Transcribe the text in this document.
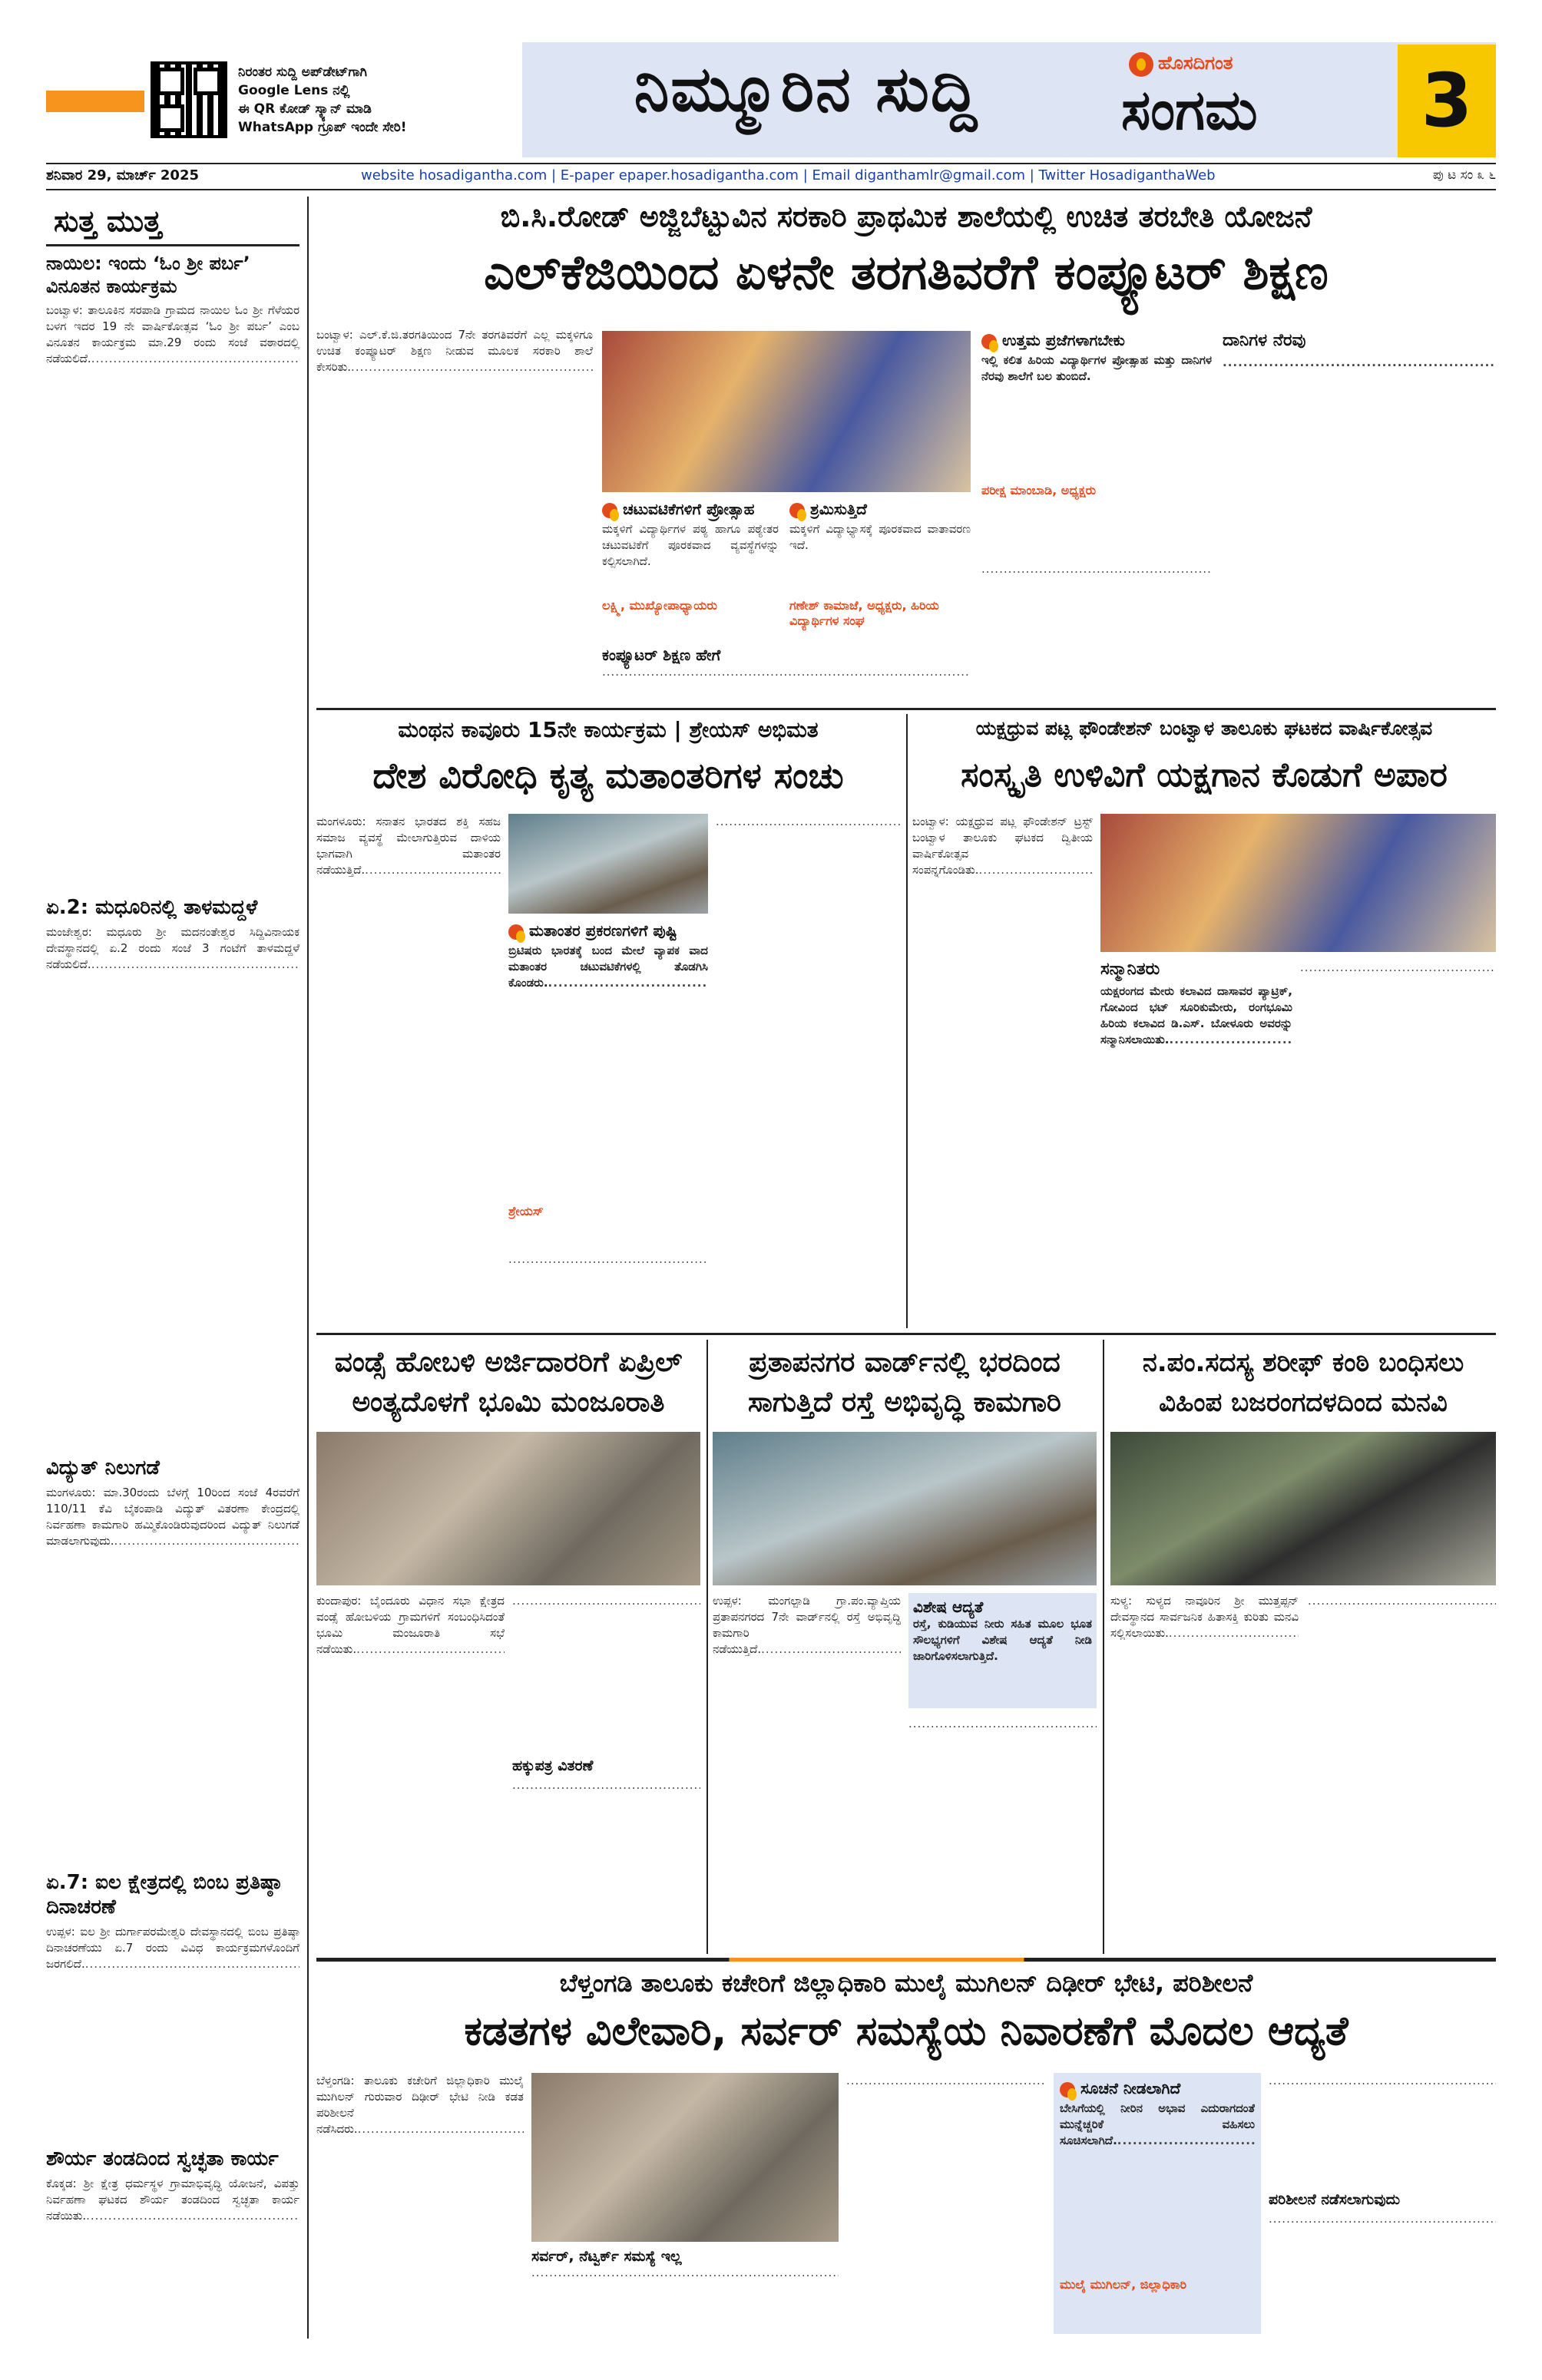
ನಿರಂತರ ಸುದ್ದಿ ಅಪ್‌ಡೇಟ್‌ಗಾಗಿ
Google Lens ನಲ್ಲಿ
ಈ QR ಕೋಡ್ ಸ್ಕ್ಯಾನ್ ಮಾಡಿ
WhatsApp ಗ್ರೂಪ್ ಇಂದೇ ಸೇರಿ!
ನಿಮ್ಮೂರಿನ ಸುದ್ದಿ	ಹೊಸದಿಗಂತ
ಸಂಗಮ	3
ಶನಿವಾರ 29, ಮಾರ್ಚ್ 2025	website hosadigantha.com | E-paper epaper.hosadigantha.com | Email diganthamlr@gmail.com | Twitter HosadiganthaWeb	ಪು ಟ ಸಂ ೩ ೬
ಸುತ್ತ ಮುತ್ತ
ನಾಯಿಲ: ಇಂದು ‘ಓಂ ಶ್ರೀ ಪರ್ಬ’ ವಿನೂತನ ಕಾರ್ಯಕ್ರಮ
ಬಂಟ್ವಾಳ: ತಾಲೂಕಿನ ಸರಪಾಡಿ ಗ್ರಾಮದ ನಾಯಿಲ ಓಂ ಶ್ರೀ ಗೆಳೆಯರ ಬಳಗ ಇದರ 19 ನೇ ವಾರ್ಷಿಕೋತ್ಸವ ‘ಓಂ ಶ್ರೀ ಪರ್ಬ’ ಎಂಬ ವಿನೂತನ ಕಾರ್ಯಕ್ರಮ ಮಾ.29 ರಂದು ಸಂಜೆ ವಠಾರದಲ್ಲಿ ನಡೆಯಲಿದೆ. .....
ಏ.2: ಮಧೂರಿನಲ್ಲಿ ತಾಳಮದ್ದಳೆ
ಮಂಜೇಶ್ವರ: ಮಧೂರು ಶ್ರೀ ಮದನಂತೇಶ್ವರ ಸಿದ್ದಿವಿನಾಯಕ ದೇವಸ್ಥಾನದಲ್ಲಿ ಏ.2 ರಂದು ಸಂಜೆ 3 ಗಂಟೆಗೆ ತಾಳಮದ್ದಳೆ ನಡೆಯಲಿದೆ. .....
ವಿದ್ಯುತ್ ನಿಲುಗಡೆ
ಮಂಗಳೂರು: ಮಾ.30ರಂದು ಬೆಳಗ್ಗೆ 10ರಿಂದ ಸಂಜೆ 4ರವರೆಗೆ 110/11 ಕೆವಿ ಬೈಕಂಪಾಡಿ ವಿದ್ಯುತ್ ವಿತರಣಾ ಕೇಂದ್ರದಲ್ಲಿ ನಿರ್ವಹಣಾ ಕಾಮಗಾರಿ ಹಮ್ಮಿಕೊಂಡಿರುವುದರಿಂದ ವಿದ್ಯುತ್ ನಿಲುಗಡೆ ಮಾಡಲಾಗುವುದು. .....
ಏ.7: ಐಲ ಕ್ಷೇತ್ರದಲ್ಲಿ ಬಿಂಬ ಪ್ರತಿಷ್ಠಾ ದಿನಾಚರಣೆ
ಉಪ್ಪಳ: ಐಲ ಶ್ರೀ ದುರ್ಗಾಪರಮೇಶ್ವರಿ ದೇವಸ್ಥಾನದಲ್ಲಿ ಬಿಂಬ ಪ್ರತಿಷ್ಠಾ ದಿನಾಚರಣೆಯು ಏ.7 ರಂದು ವಿವಿಧ ಕಾರ್ಯಕ್ರಮಗಳೊಂದಿಗೆ ಜರಗಲಿದೆ. .....
ಶೌರ್ಯ ತಂಡದಿಂದ ಸ್ವಚ್ಛತಾ ಕಾರ್ಯ
ಕೊಕ್ಕಡ: ಶ್ರೀ ಕ್ಷೇತ್ರ ಧರ್ಮಸ್ಥಳ ಗ್ರಾಮಾಭಿವೃದ್ಧಿ ಯೋಜನೆ, ವಿಪತ್ತು ನಿರ್ವಹಣಾ ಘಟಕದ ಶೌರ್ಯ ತಂಡದಿಂದ ಸ್ವಚ್ಛತಾ ಕಾರ್ಯ ನಡೆಯಿತು. .....
ಬಿ.ಸಿ.ರೋಡ್ ಅಜ್ಜಿಬೆಟ್ಟುವಿನ ಸರಕಾರಿ ಪ್ರಾಥಮಿಕ ಶಾಲೆಯಲ್ಲಿ ಉಚಿತ ತರಬೇತಿ ಯೋಜನೆ
ಎಲ್‌ಕೆಜಿಯಿಂದ ಏಳನೇ ತರಗತಿವರೆಗೆ ಕಂಪ್ಯೂಟರ್ ಶಿಕ್ಷಣ
ಬಂಟ್ವಾಳ: ಎಲ್.ಕೆ.ಜಿ.ತರಗತಿಯಿಂದ 7ನೇ ತರಗತಿವರೆಗೆ ಎಲ್ಲ ಮಕ್ಕಳಿಗೂ ಉಚಿತ ಕಂಪ್ಯೂಟರ್ ಶಿಕ್ಷಣ ನೀಡುವ ಮೂಲಕ ಸರಕಾರಿ ಶಾಲೆ ಕೇಸರಿತು. .....
ಚಟುವಟಿಕೆಗಳಿಗೆ ಪ್ರೋತ್ಸಾಹ
ಮಕ್ಕಳಿಗೆ ವಿದ್ಯಾರ್ಥಿಗಳ ಪಠ್ಯ ಹಾಗೂ ಪಠ್ಯೇತರ ಚಟುವಟಿಕೆಗೆ ಪೂರಕವಾದ ವ್ಯವಸ್ಥೆಗಳನ್ನು ಕಲ್ಪಿಸಲಾಗಿದೆ.
ಲಕ್ಷ್ಮಿ, ಮುಖ್ಯೋಪಾಧ್ಯಾಯರು
ಶ್ರಮಿಸುತ್ತಿದೆ
ಮಕ್ಕಳಿಗೆ ವಿದ್ಯಾಭ್ಯಾಸಕ್ಕೆ ಪೂರಕವಾದ ವಾತಾವರಣ ಇದೆ.
ಗಣೇಶ್ ಕಾಮಾಜೆ, ಅಧ್ಯಕ್ಷರು, ಹಿರಿಯ ವಿದ್ಯಾರ್ಥಿಗಳ ಸಂಘ
ಕಂಪ್ಯೂಟರ್ ಶಿಕ್ಷಣ ಹೇಗೆ
.....
ಉತ್ತಮ ಪ್ರಜೆಗಳಾಗಬೇಕು
ಇಲ್ಲಿ ಕಲಿತ ಹಿರಿಯ ವಿದ್ಯಾರ್ಥಿಗಳ ಪ್ರೋತ್ಸಾಹ ಮತ್ತು ದಾನಿಗಳ ನೆರವು ಶಾಲೆಗೆ ಬಲ ತುಂಬಿದೆ.
ಪರೀಕ್ಷ ಮಾಂಬಾಡಿ, ಅಧ್ಯಕ್ಷರು
.....
ದಾನಿಗಳ ನೆರವು
.....
ಮಂಥನ ಕಾವೂರು 15ನೇ ಕಾರ್ಯಕ್ರಮ | ಶ್ರೇಯಸ್ ಅಭಿಮತ
ದೇಶ ವಿರೋಧಿ ಕೃತ್ಯ ಮತಾಂತರಿಗಳ ಸಂಚು
ಮಂಗಳೂರು: ಸನಾತನ ಭಾರತದ ಶಕ್ತಿ ಸಹಜ ಸಮಾಜ ವ್ಯವಸ್ಥೆ ಮೇಲಾಗುತ್ತಿರುವ ದಾಳಿಯ ಭಾಗವಾಗಿ ಮತಾಂತರ ನಡೆಯುತ್ತಿದೆ. .....
ಮತಾಂತರ ಪ್ರಕರಣಗಳಿಗೆ ಪುಷ್ಟಿ
ಬ್ರಿಟಿಷರು ಭಾರತಕ್ಕೆ ಬಂದ ಮೇಲೆ ವ್ಯಾಪಕ ವಾದ ಮತಾಂತರ ಚಟುವಟಿಕೆಗಳಲ್ಲಿ ತೊಡಗಿಸಿ ಕೊಂಡರು. .....
ಶ್ರೇಯಸ್
.....
.....
ಯಕ್ಷಧ್ರುವ ಪಟ್ಲ ಫೌಂಡೇಶನ್ ಬಂಟ್ವಾಳ ತಾಲೂಕು ಘಟಕದ ವಾರ್ಷಿಕೋತ್ಸವ
ಸಂಸ್ಕೃತಿ ಉಳಿವಿಗೆ ಯಕ್ಷಗಾನ ಕೊಡುಗೆ ಅಪಾರ
ಬಂಟ್ವಾಳ: ಯಕ್ಷಧ್ರುವ ಪಟ್ಲ ಫೌಂಡೇಶನ್ ಟ್ರಸ್ಟ್ ಬಂಟ್ವಾಳ ತಾಲೂಕು ಘಟಕದ ದ್ವಿತೀಯ ವಾರ್ಷಿಕೋತ್ಸವ ಸಂಪನ್ನಗೊಂಡಿತು. .....
ಸನ್ಮಾನಿತರು
ಯಕ್ಷರಂಗದ ಮೇರು ಕಲಾವಿದ ದಾಸಾವರ ಪ್ಯಾಟ್ರಿಕ್, ಗೋವಿಂದ ಭಟ್ ಸೂರಿಕುಮೇರು, ರಂಗಭೂಮಿ ಹಿರಿಯ ಕಲಾವಿದ ಡಿ.ಎಸ್. ಬೋಳೂರು ಅವರನ್ನು ಸನ್ಮಾನಿಸಲಾಯಿತು. .....
.....
ವಂಡ್ಸೆ ಹೋಬಳಿ ಅರ್ಜಿದಾರರಿಗೆ ಏಪ್ರಿಲ್ ಅಂತ್ಯದೊಳಗೆ ಭೂಮಿ ಮಂಜೂರಾತಿ
ಕುಂದಾಪುರ: ಬೈಂದೂರು ವಿಧಾನ ಸಭಾ ಕ್ಷೇತ್ರದ ವಂಡ್ಸೆ ಹೋಬಳಿಯ ಗ್ರಾಮಗಳಿಗೆ ಸಂಬಂಧಿಸಿದಂತೆ ಭೂಮಿ ಮಂಜೂರಾತಿ ಸಭೆ ನಡೆಯಿತು. .....
.....
ಹಕ್ಕುಪತ್ರ ವಿತರಣೆ
.....
ಪ್ರತಾಪನಗರ ವಾರ್ಡ್‌ನಲ್ಲಿ ಭರದಿಂದ ಸಾಗುತ್ತಿದೆ ರಸ್ತೆ ಅಭಿವೃದ್ಧಿ ಕಾಮಗಾರಿ
ಉಪ್ಪಳ: ಮಂಗಲ್ಪಾಡಿ ಗ್ರಾ.ಪಂ.ವ್ಯಾಪ್ತಿಯ ಪ್ರತಾಪನಗರದ 7ನೇ ವಾರ್ಡ್‌ನಲ್ಲಿ ರಸ್ತೆ ಅಭಿವೃದ್ಧಿ ಕಾಮಗಾರಿ ನಡೆಯುತ್ತಿದೆ. .....
ವಿಶೇಷ ಆದ್ಯತೆ
ರಸ್ತೆ, ಕುಡಿಯುವ ನೀರು ಸಹಿತ ಮೂಲ ಭೂತ ಸೌಲಭ್ಯಗಳಿಗೆ ವಿಶೇಷ ಆದ್ಯತೆ ನೀಡಿ ಜಾರಿಗೊಳಿಸಲಾಗುತ್ತಿದೆ.
.....
ನ.ಪಂ.ಸದಸ್ಯ ಶರೀಫ್ ಕಂಠಿ ಬಂಧಿಸಲು ವಿಹಿಂಪ ಬಜರಂಗದಳದಿಂದ ಮನವಿ
ಸುಳ್ಯ: ಸುಳ್ಯದ ನಾವೂರಿನ ಶ್ರೀ ಮುತ್ತಪ್ಪನ್ ದೇವಸ್ಥಾನದ ಸಾರ್ವಜನಿಕ ಹಿತಾಸಕ್ತಿ ಕುರಿತು ಮನವಿ ಸಲ್ಲಿಸಲಾಯಿತು. .....
.....
ಬೆಳ್ತಂಗಡಿ ತಾಲೂಕು ಕಚೇರಿಗೆ ಜಿಲ್ಲಾಧಿಕಾರಿ ಮುಲೈ ಮುಗಿಲನ್ ದಿಢೀರ್ ಭೇಟಿ, ಪರಿಶೀಲನೆ
ಕಡತಗಳ ವಿಲೇವಾರಿ, ಸರ್ವರ್ ಸಮಸ್ಯೆಯ ನಿವಾರಣೆಗೆ ಮೊದಲ ಆದ್ಯತೆ
ಬೆಳ್ತಂಗಡಿ: ತಾಲೂಕು ಕಚೇರಿಗೆ ಜಿಲ್ಲಾಧಿಕಾರಿ ಮುಲೈ ಮುಗಿಲನ್ ಗುರುವಾರ ದಿಢೀರ್ ಭೇಟಿ ನೀಡಿ ಕಡತ ಪರಿಶೀಲನೆ ನಡೆಸಿದರು. .....
ಸರ್ವರ್, ನೆಟ್ವರ್ಕ್ ಸಮಸ್ಯೆ ಇಲ್ಲ
.....
.....
ಸೂಚನೆ ನೀಡಲಾಗಿದೆ
ಬೇಸಿಗೆಯಲ್ಲಿ ನೀರಿನ ಅಭಾವ ಎದುರಾಗದಂತೆ ಮುನ್ನೆಚ್ಚರಿಕೆ ವಹಿಸಲು ಸೂಚಿಸಲಾಗಿದೆ. .....
ಮುಲೈ ಮುಗಿಲನ್, ಜಿಲ್ಲಾಧಿಕಾರಿ
.....
ಪರಿಶೀಲನೆ ನಡೆಸಲಾಗುವುದು
.....
